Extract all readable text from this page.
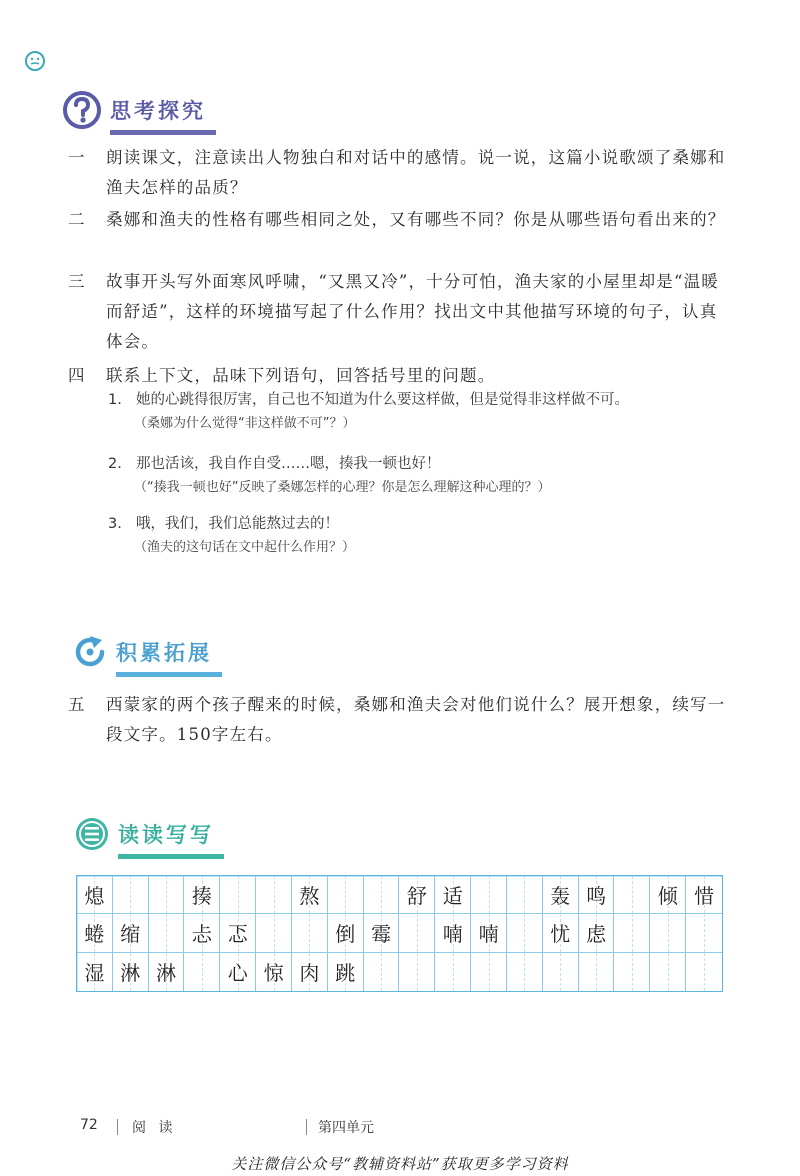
思考探究
一	朗读课文，注意读出人物独白和对话中的感情。说一说，这篇小说歌颂了桑娜和渔夫怎样的品质？
二	桑娜和渔夫的性格有哪些相同之处，又有哪些不同？你是从哪些语句看出来的？
三	故事开头写外面寒风呼啸，“又黑又冷”，十分可怕，渔夫家的小屋里却是“温暖而舒适”，这样的环境描写起了什么作用？找出文中其他描写环境的句子，认真体会。
四	联系上下文，品味下列语句，回答括号里的问题。
1. 她的心跳得很厉害，自己也不知道为什么要这样做，但是觉得非这样做不可。
（桑娜为什么觉得“非这样做不可”？）
2. 那也活该，我自作自受……嗯，揍我一顿也好！
（“揍我一顿也好”反映了桑娜怎样的心理？你是怎么理解这种心理的？）
3. 哦，我们，我们总能熬过去的！
（渔夫的这句话在文中起什么作用？）
积累拓展
五	西蒙家的两个孩子醒来的时候，桑娜和渔夫会对他们说什么？展开想象，续写一段文字。150字左右。
读读写写
熄	揍	熬	舒 适	轰 鸣	倾 惜
蜷 缩	忐 忑	倒 霉	喃 喃	忧 虑
湿 淋 淋	心 惊 肉 跳
72 阅 读	第四单元
关注微信公众号“教辅资料站”获取更多学习资料
